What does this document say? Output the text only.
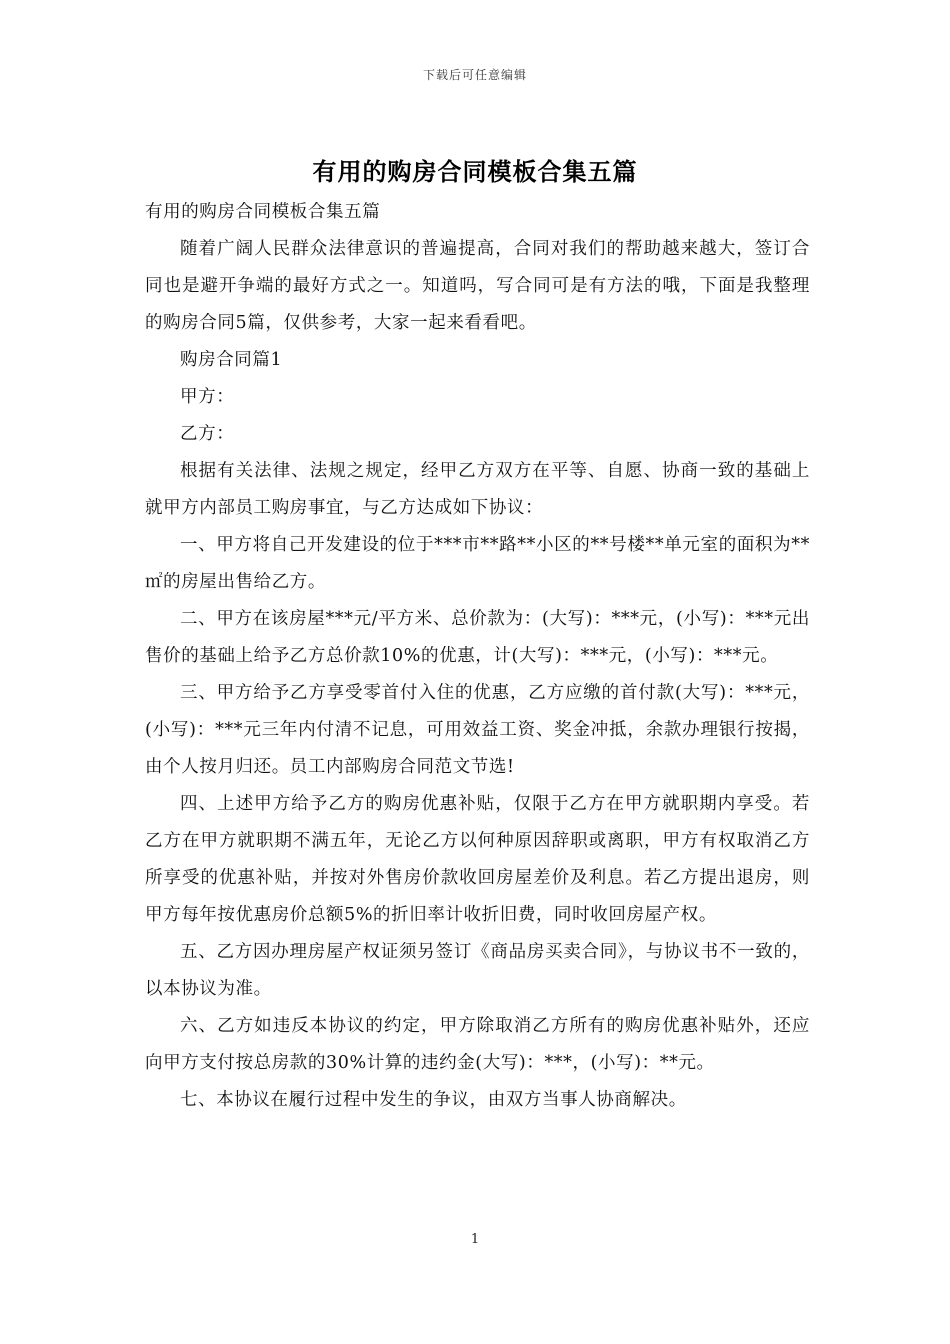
下载后可任意编辑
有用的购房合同模板合集五篇

有用的购房合同模板合集五篇

随着广阔人民群众法律意识的普遍提高，合同对我们的帮助越来越大，签订合同也是避开争端的最好方式之一。知道吗，写合同可是有方法的哦，下面是我整理的购房合同5篇，仅供参考，大家一起来看看吧。

购房合同篇1

甲方：

乙方：

根据有关法律、法规之规定，经甲乙方双方在平等、自愿、协商一致的基础上就甲方内部员工购房事宜，与乙方达成如下协议：

一、甲方将自己开发建设的位于***市**路**小区的**号楼**单元室的面积为**㎡的房屋出售给乙方。

二、甲方在该房屋***元/平方米、总价款为：(大写)：***元，(小写)：***元出售价的基础上给予乙方总价款10%的优惠，计(大写)：***元，(小写)：***元。

三、甲方给予乙方享受零首付入住的优惠，乙方应缴的首付款(大写)：***元，(小写)：***元三年内付清不记息，可用效益工资、奖金冲抵，余款办理银行按揭，由个人按月归还。员工内部购房合同范文节选!

四、上述甲方给予乙方的购房优惠补贴，仅限于乙方在甲方就职期内享受。若乙方在甲方就职期不满五年，无论乙方以何种原因辞职或离职，甲方有权取消乙方所享受的优惠补贴，并按对外售房价款收回房屋差价及利息。若乙方提出退房，则甲方每年按优惠房价总额5%的折旧率计收折旧费，同时收回房屋产权。

五、乙方因办理房屋产权证须另签订《商品房买卖合同》，与协议书不一致的，以本协议为准。

六、乙方如违反本协议的约定，甲方除取消乙方所有的购房优惠补贴外，还应向甲方支付按总房款的30%计算的违约金(大写)：***，(小写)：**元。

七、本协议在履行过程中发生的争议，由双方当事人协商解决。

1
